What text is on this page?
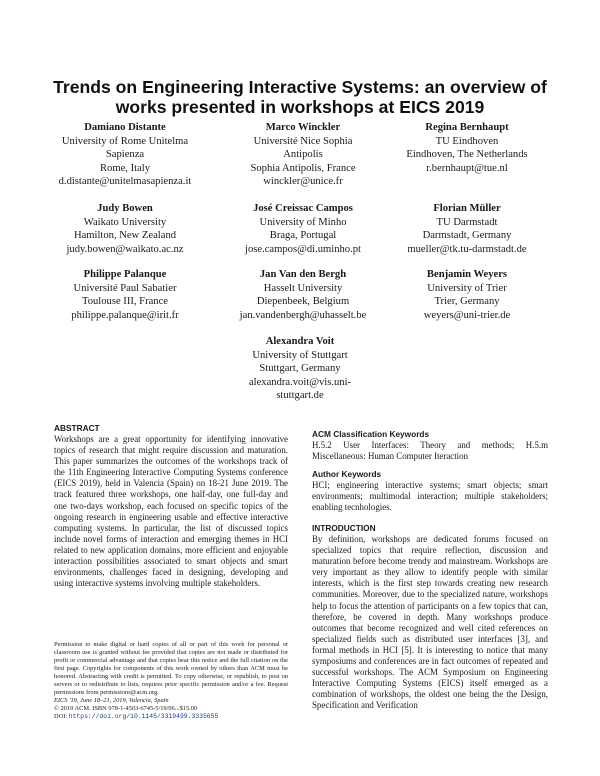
Trends on Engineering Interactive Systems: an overview of
works presented in workshops at EICS 2019
Damiano Distante
University of Rome Unitelma
Sapienza
Rome, Italy
d.distante@unitelmasapienza.it
Marco Winckler
Université Nice Sophia
Antipolis
Sophia Antipolis, France
winckler@unice.fr
Regina Bernhaupt
TU Eindhoven
Eindhoven, The Netherlands
r.bernhaupt@tue.nl
Judy Bowen
Waikato University
Hamilton, New Zealand
judy.bowen@waikato.ac.nz
José Creissac Campos
University of Minho
Braga, Portugal
jose.campos@di.uminho.pt
Florian Müller
TU Darmstadt
Darmstadt, Germany
mueller@tk.tu-darmstadt.de
Philippe Palanque
Université Paul Sabatier
Toulouse III, France
philippe.palanque@irit.fr
Jan Van den Bergh
Hasselt University
Diepenbeek, Belgium
jan.vandenbergh@uhasselt.be
Benjamin Weyers
University of Trier
Trier, Germany
weyers@uni-trier.de
Alexandra Voit
University of Stuttgart
Stuttgart, Germany
alexandra.voit@vis.uni-
stuttgart.de
ABSTRACT

Workshops are a great opportunity for identifying innovative topics of research that might require discussion and maturation. This paper summarizes the outcomes of the workshops track of the 11th Engineering Interactive Computing Systems conference (EICS 2019), held in Valencia (Spain) on 18-21 June 2019. The track featured three workshops, one half-day, one full-day and one two-days workshop, each focused on specific topics of the ongoing research in engineering usable and effective interactive computing systems. In particular, the list of discussed topics include novel forms of interaction and emerging themes in HCI related to new application domains, more efficient and enjoyable interaction possibilities associated to smart objects and smart environments, challenges faced in designing, developing and using interactive systems involving multiple stakeholders.

Permission to make digital or hard copies of all or part of this work for personal or classroom use is granted without fee provided that copies are not made or distributed for profit or commercial advantage and that copies bear this notice and the full citation on the first page. Copyrights for components of this work owned by others than ACM must be honored. Abstracting with credit is permitted. To copy otherwise, or republish, to post on servers or to redistribute to lists, requires prior specific permission and/or a fee. Request permissions from permissions@acm.org.

EICS '19, June 18–21, 2019, Valencia, Spain
© 2019 ACM. ISBN 978-1-4503-6745-5/19/06...$15.00
DOI: https://doi.org/10.1145/3319499.3335655
ACM Classification Keywords

H.5.2 User Interfaces: Theory and methods; H.5.m Miscellaneous: Human Computer Iteraction

Author Keywords

HCI; engineering interactive systems; smart objects; smart environments; multimodal interaction; multiple stakeholders; enabling tecnhologies.

INTRODUCTION

By definition, workshops are dedicated forums focused on specialized topics that require reflection, discussion and maturation before become trendy and mainstream. Workshops are very important as they allow to identify people with similar interests, which is the first step towards creating new research communities. Moreover, due to the specialized nature, workshops help to focus the attention of participants on a few topics that can, therefore, be covered in depth. Many workshops produce outcomes that become recognized and well cited references on specialized fields such as distributed user interfaces [3], and formal methods in HCI [5]. It is interesting to notice that many symposiums and conferences are in fact outcomes of repeated and successful workshops. The ACM Symposium on Engineering Interactive Computing Systems (EICS) itself emerged as a combination of workshops, the oldest one being the the Design, Specification and Verification
